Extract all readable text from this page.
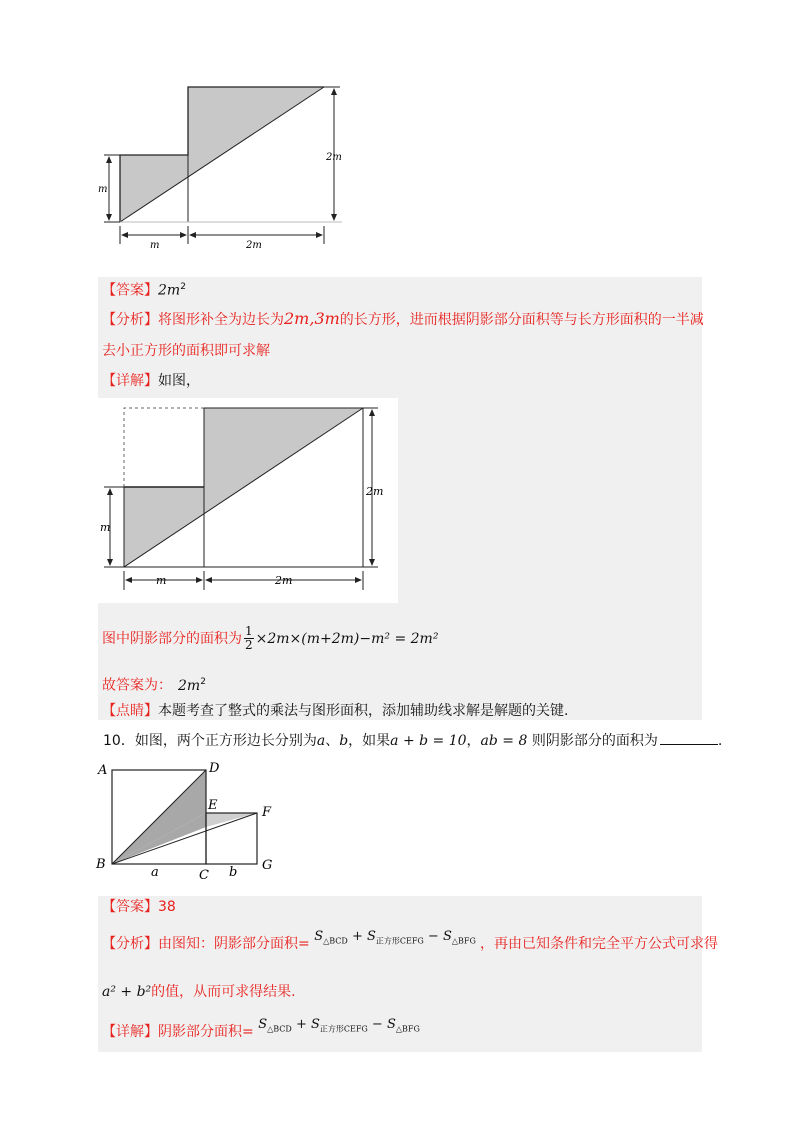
m
2m
m	2m
【答案】$2m^2$
【分析】将图形补全为边长为2m,3m的长方形，进而根据阴影部分面积等与长方形面积的一半减
去小正方形的面积即可求解
【详解】如图，
m
2m
m	2m
图中阴影部分的面积为 $\frac{1}{2} \times 2m\times(m+2m)-m^2 = 2m^2$
故答案为： $2m^2$
【点睛】本题考查了整式的乘法与图形面积，添加辅助线求解是解题的关键.
10．如图，两个正方形边长分别为a、b，如果a + b = 10，ab = 8 则阴影部分的面积为	.
A	D
E	F
B
C
G
a	b
【答案】38
【分析】由图知：阴影部分面积= $S_{\triangle BCD} + S_{正方形CEFG} - S_{\triangle BFG}$ ，再由已知条件和完全平方公式可求得
a² + b²的值，从而可求得结果.
【详解】阴影部分面积= $S_{\triangle BCD} + S_{正方形CEFG} - S_{\triangle BFG}$
